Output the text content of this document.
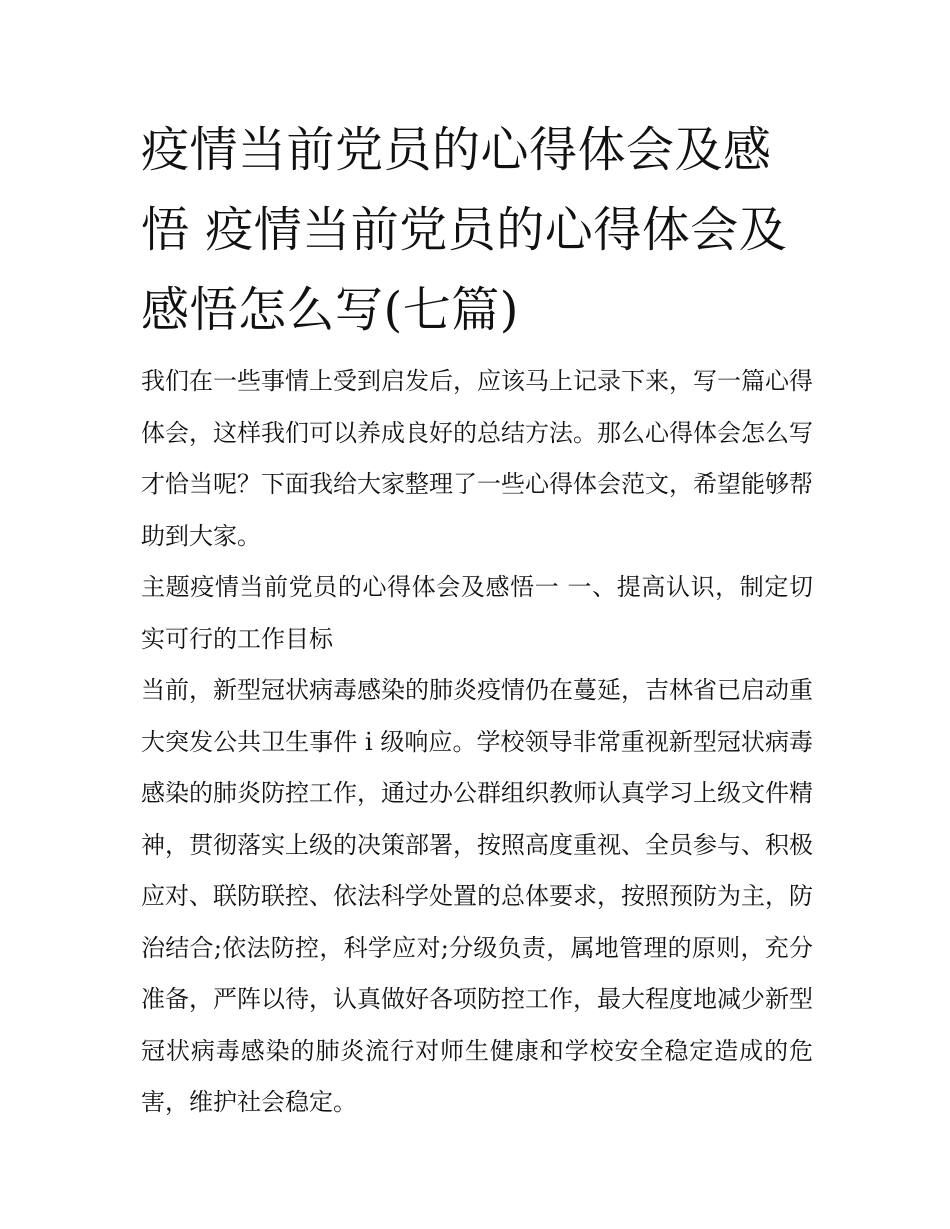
疫情当前党员的心得体会及感悟 疫情当前党员的心得体会及感悟怎么写(七篇)

我们在一些事情上受到启发后，应该马上记录下来，写一篇心得体会，这样我们可以养成良好的总结方法。那么心得体会怎么写才恰当呢？下面我给大家整理了一些心得体会范文，希望能够帮助到大家。

主题疫情当前党员的心得体会及感悟一 一、提高认识，制定切实可行的工作目标

当前，新型冠状病毒感染的肺炎疫情仍在蔓延，吉林省已启动重大突发公共卫生事件 i 级响应。学校领导非常重视新型冠状病毒感染的肺炎防控工作，通过办公群组织教师认真学习上级文件精神，贯彻落实上级的决策部署，按照高度重视、全员参与、积极应对、联防联控、依法科学处置的总体要求，按照预防为主，防治结合;依法防控，科学应对;分级负责，属地管理的原则，充分准备，严阵以待，认真做好各项防控工作，最大程度地减少新型冠状病毒感染的肺炎流行对师生健康和学校安全稳定造成的危害，维护社会稳定。
